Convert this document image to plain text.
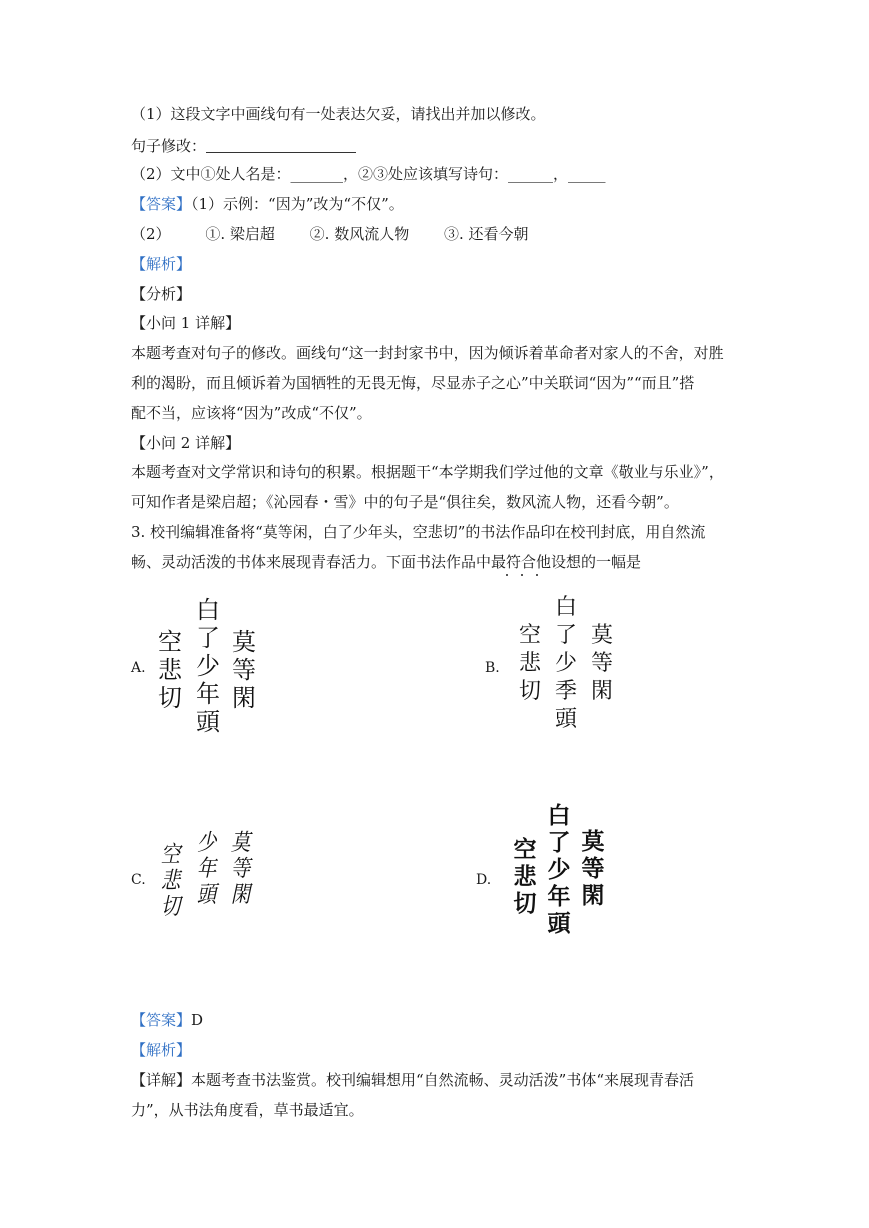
（1）这段文字中画线句有一处表达欠妥，请找出并加以修改。
句子修改：
（2）文中①处人名是：_______，②③处应该填写诗句：______，_____
【答案】（1）示例：“因为”改为“不仅”。
（2） ①. 梁启超 ②. 数风流人物 ③. 还看今朝
【解析】
【分析】
【小问 1 详解】
本题考查对句子的修改。画线句“这一封封家书中，因为倾诉着革命者对家人的不舍，对胜
利的渴盼，而且倾诉着为国牺牲的无畏无悔，尽显赤子之心”中关联词“因为”“而且”搭
配不当，应该将“因为”改成“不仅”。
【小问 2 详解】
本题考查对文学常识和诗句的积累。根据题干“本学期我们学过他的文章《敬业与乐业》”，
可知作者是梁启超；《沁园春・雪》中的句子是“俱往矣，数风流人物，还看今朝”。
3. 校刊编辑准备将“莫等闲，白了少年头，空悲切”的书法作品印在校刊封底，用自然流
畅、灵动活泼的书体来展现青春活力。下面书法作品中最符合他设想的一幅是
A.
莫
等
閑
白
了
少
年
頭
空
悲
切
B.
莫
等
閑
白
了
少
季
頭
空
悲
切
C.
莫
等
閑
少
年
頭
空
悲
切
D.
莫
等
閑
白
了
少
年
頭
空
悲
切
【答案】D
【解析】
【详解】本题考查书法鉴赏。校刊编辑想用“自然流畅、灵动活泼”书体“来展现青春活
力”，从书法角度看，草书最适宜。
